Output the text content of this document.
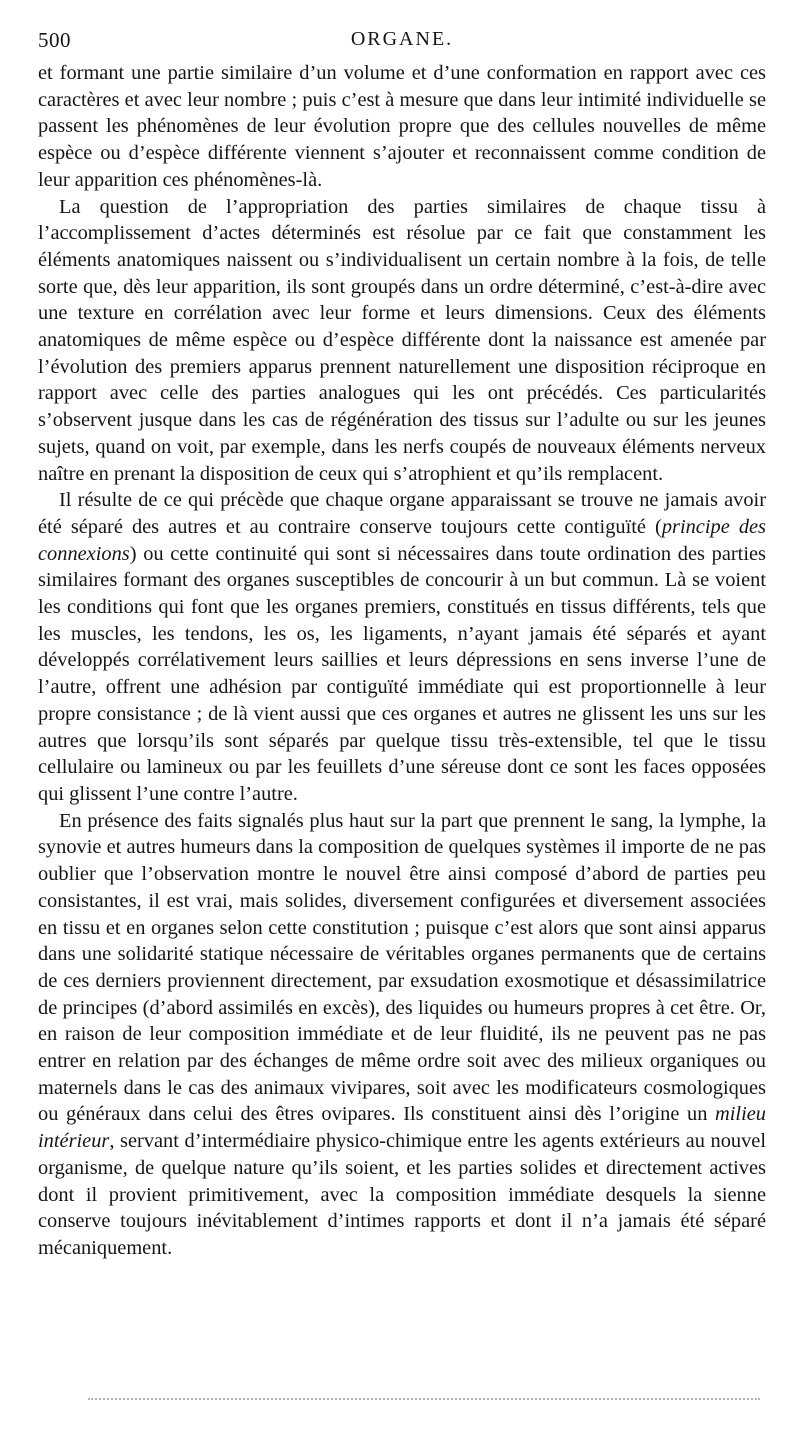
500	ORGANE.

et formant une partie similaire d’un volume et d’une conformation en rapport avec ces caractères et avec leur nombre ; puis c’est à mesure que dans leur intimité individuelle se passent les phénomènes de leur évolution propre que des cellules nouvelles de même espèce ou d’espèce différente viennent s’ajouter et reconnaissent comme condition de leur apparition ces phénomènes-là.

La question de l’appropriation des parties similaires de chaque tissu à l’accomplissement d’actes déterminés est résolue par ce fait que constamment les éléments anatomiques naissent ou s’individualisent un certain nombre à la fois, de telle sorte que, dès leur apparition, ils sont groupés dans un ordre déterminé, c’est-à-dire avec une texture en corrélation avec leur forme et leurs dimensions. Ceux des éléments anatomiques de même espèce ou d’espèce différente dont la naissance est amenée par l’évolution des premiers apparus prennent naturellement une disposition réciproque en rapport avec celle des parties analogues qui les ont précédés. Ces particularités s’observent jusque dans les cas de régénération des tissus sur l’adulte ou sur les jeunes sujets, quand on voit, par exemple, dans les nerfs coupés de nouveaux éléments nerveux naître en prenant la disposition de ceux qui s’atrophient et qu’ils remplacent.

Il résulte de ce qui précède que chaque organe apparaissant se trouve ne jamais avoir été séparé des autres et au contraire conserve toujours cette contiguïté (principe des connexions) ou cette continuité qui sont si nécessaires dans toute ordination des parties similaires formant des organes susceptibles de concourir à un but commun. Là se voient les conditions qui font que les organes premiers, constitués en tissus différents, tels que les muscles, les tendons, les os, les ligaments, n’ayant jamais été séparés et ayant développés corrélativement leurs saillies et leurs dépressions en sens inverse l’une de l’autre, offrent une adhésion par contiguïté immédiate qui est proportionnelle à leur propre consistance ; de là vient aussi que ces organes et autres ne glissent les uns sur les autres que lorsqu’ils sont séparés par quelque tissu très-extensible, tel que le tissu cellulaire ou lamineux ou par les feuillets d’une séreuse dont ce sont les faces opposées qui glissent l’une contre l’autre.

En présence des faits signalés plus haut sur la part que prennent le sang, la lymphe, la synovie et autres humeurs dans la composition de quelques systèmes il importe de ne pas oublier que l’observation montre le nouvel être ainsi composé d’abord de parties peu consistantes, il est vrai, mais solides, diversement configurées et diversement associées en tissu et en organes selon cette constitution ; puisque c’est alors que sont ainsi apparus dans une solidarité statique nécessaire de véritables organes permanents que de certains de ces derniers proviennent directement, par exsudation exosmotique et désassimilatrice de principes (d’abord assimilés en excès), des liquides ou humeurs propres à cet être. Or, en raison de leur composition immédiate et de leur fluidité, ils ne peuvent pas ne pas entrer en relation par des échanges de même ordre soit avec des milieux organiques ou maternels dans le cas des animaux vivipares, soit avec les modificateurs cosmologiques ou généraux dans celui des êtres ovipares. Ils constituent ainsi dès l’origine un milieu intérieur, servant d’intermédiaire physico-chimique entre les agents extérieurs au nouvel organisme, de quelque nature qu’ils soient, et les parties solides et directement actives dont il provient primitivement, avec la composition immédiate desquels la sienne conserve toujours inévitablement d’intimes rapports et dont il n’a jamais été séparé mécaniquement.
